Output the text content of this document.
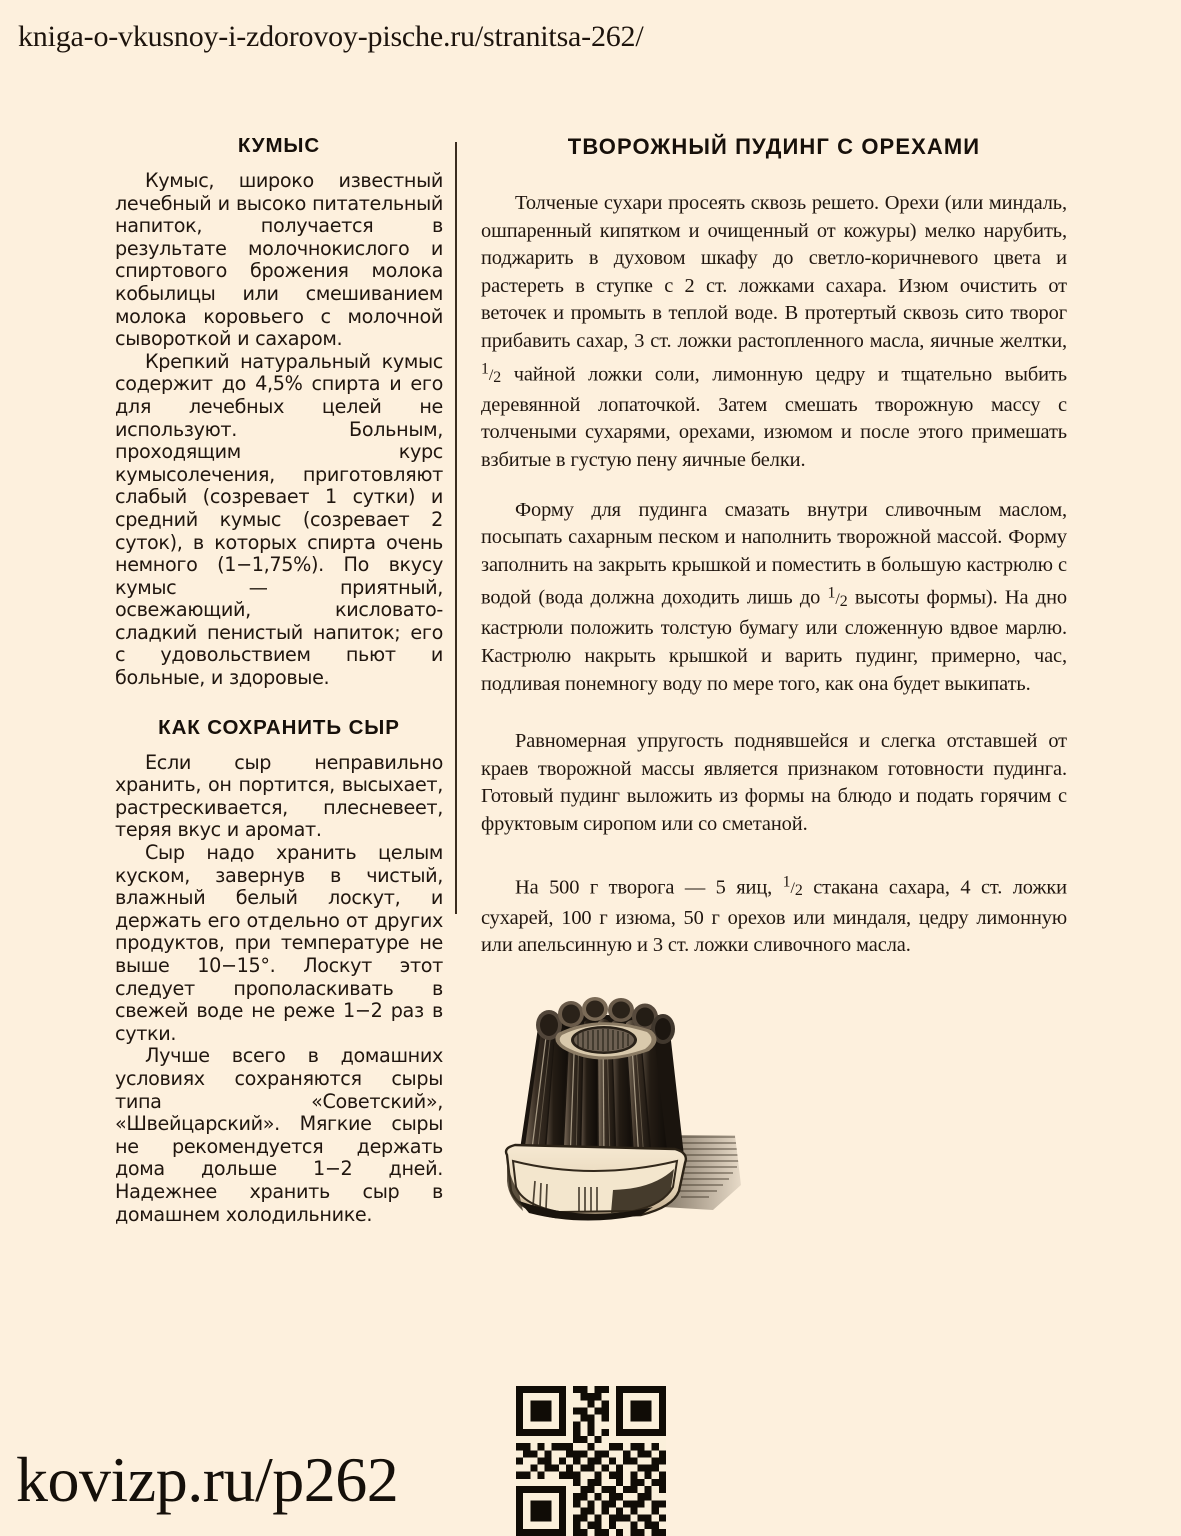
kniga-o-vkusnoy-i-zdorovoy-pische.ru/stranitsa-262/
КУМЫС

Кумыс, широко известный лечебный и высоко питательный напиток, получается в результате молочнокислого и спиртового брожения молока кобылицы или смешиванием молока коровьего с молочной сывороткой и сахаром.

Крепкий натуральный кумыс содержит до 4,5% спирта и его для лечебных целей не используют. Больным, проходящим курс кумысолечения, приготовляют слабый (созревает 1 сутки) и средний кумыс (созревает 2 суток), в которых спирта очень немного (1−1,75%). По вкусу кумыс — приятный, освежающий, кисловато-сладкий пенистый напиток; его с удовольствием пьют и больные, и здоровые.

КАК СОХРАНИТЬ СЫР

Если сыр неправильно хранить, он портится, высыхает, растрескивается, плесневеет, теряя вкус и аромат.

Сыр надо хранить целым куском, завернув в чистый, влажный белый лоскут, и держать его отдельно от других продуктов, при температуре не выше 10−15°. Лоскут этот следует прополаскивать в свежей воде не реже 1−2 раз в сутки.

Лучше всего в домашних условиях сохраняются сыры типа «Советский», «Швейцарский». Мягкие сыры не рекомендуется держать дома дольше 1−2 дней. Надежнее хранить сыр в домашнем холодильнике.

ТВОРОЖНЫЙ ПУДИНГ С ОРЕХАМИ

Толченые сухари просеять сквозь решето. Орехи (или миндаль, ошпаренный кипятком и очищенный от кожуры) мелко нарубить, поджарить в духовом шкафу до светло-коричневого цвета и растереть в ступке с 2 ст. ложками сахара. Изюм очистить от веточек и промыть в теплой воде. В протертый сквозь сито творог прибавить сахар, 3 ст. ложки растопленного масла, яичные желтки, $^1/_2$ чайной ложки соли, лимонную цедру и тщательно выбить деревянной лопаточкой. Затем смешать творожную массу с толчеными сухарями, орехами, изюмом и после этого примешать взбитые в густую пену яичные белки.

Форму для пудинга смазать внутри сливочным маслом, посыпать сахарным песком и наполнить творожной массой. Форму заполнить на закрыть крышкой и поместить в большую кастрюлю с водой (вода должна доходить лишь до $^1/_2$ высоты формы). На дно кастрюли положить толстую бумагу или сложенную вдвое марлю. Кастрюлю накрыть крышкой и варить пудинг, примерно, час, подливая понемногу воду по мере того, как она будет выкипать.

Равномерная упругость поднявшейся и слегка отставшей от краев творожной массы является признаком готовности пудинга. Готовый пудинг выложить из формы на блюдо и подать горячим с фруктовым сиропом или со сметаной.

На 500 г творога — 5 яиц, $^1/_2$ стакана сахара, 4 ст. ложки сухарей, 100 г изюма, 50 г орехов или миндаля, цедру лимонную или апельсинную и 3 ст. ложки сливочного масла.

kovizp.ru/p262
